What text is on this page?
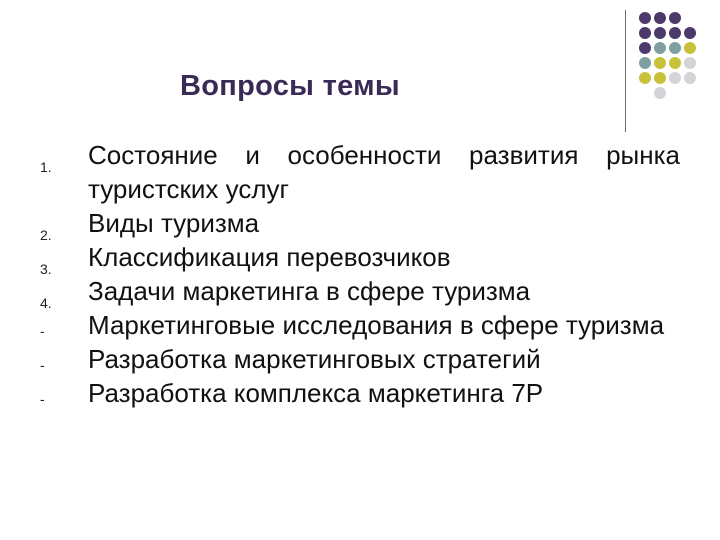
Вопросы темы
1.	Состояние и особенности развития рынка туристских услуг
2.	Виды туризма
3.	Классификация перевозчиков
4.	Задачи маркетинга в сфере туризма
-	Маркетинговые исследования в сфере туризма
-	Разработка маркетинговых стратегий
-	Разработка комплекса маркетинга 7P
